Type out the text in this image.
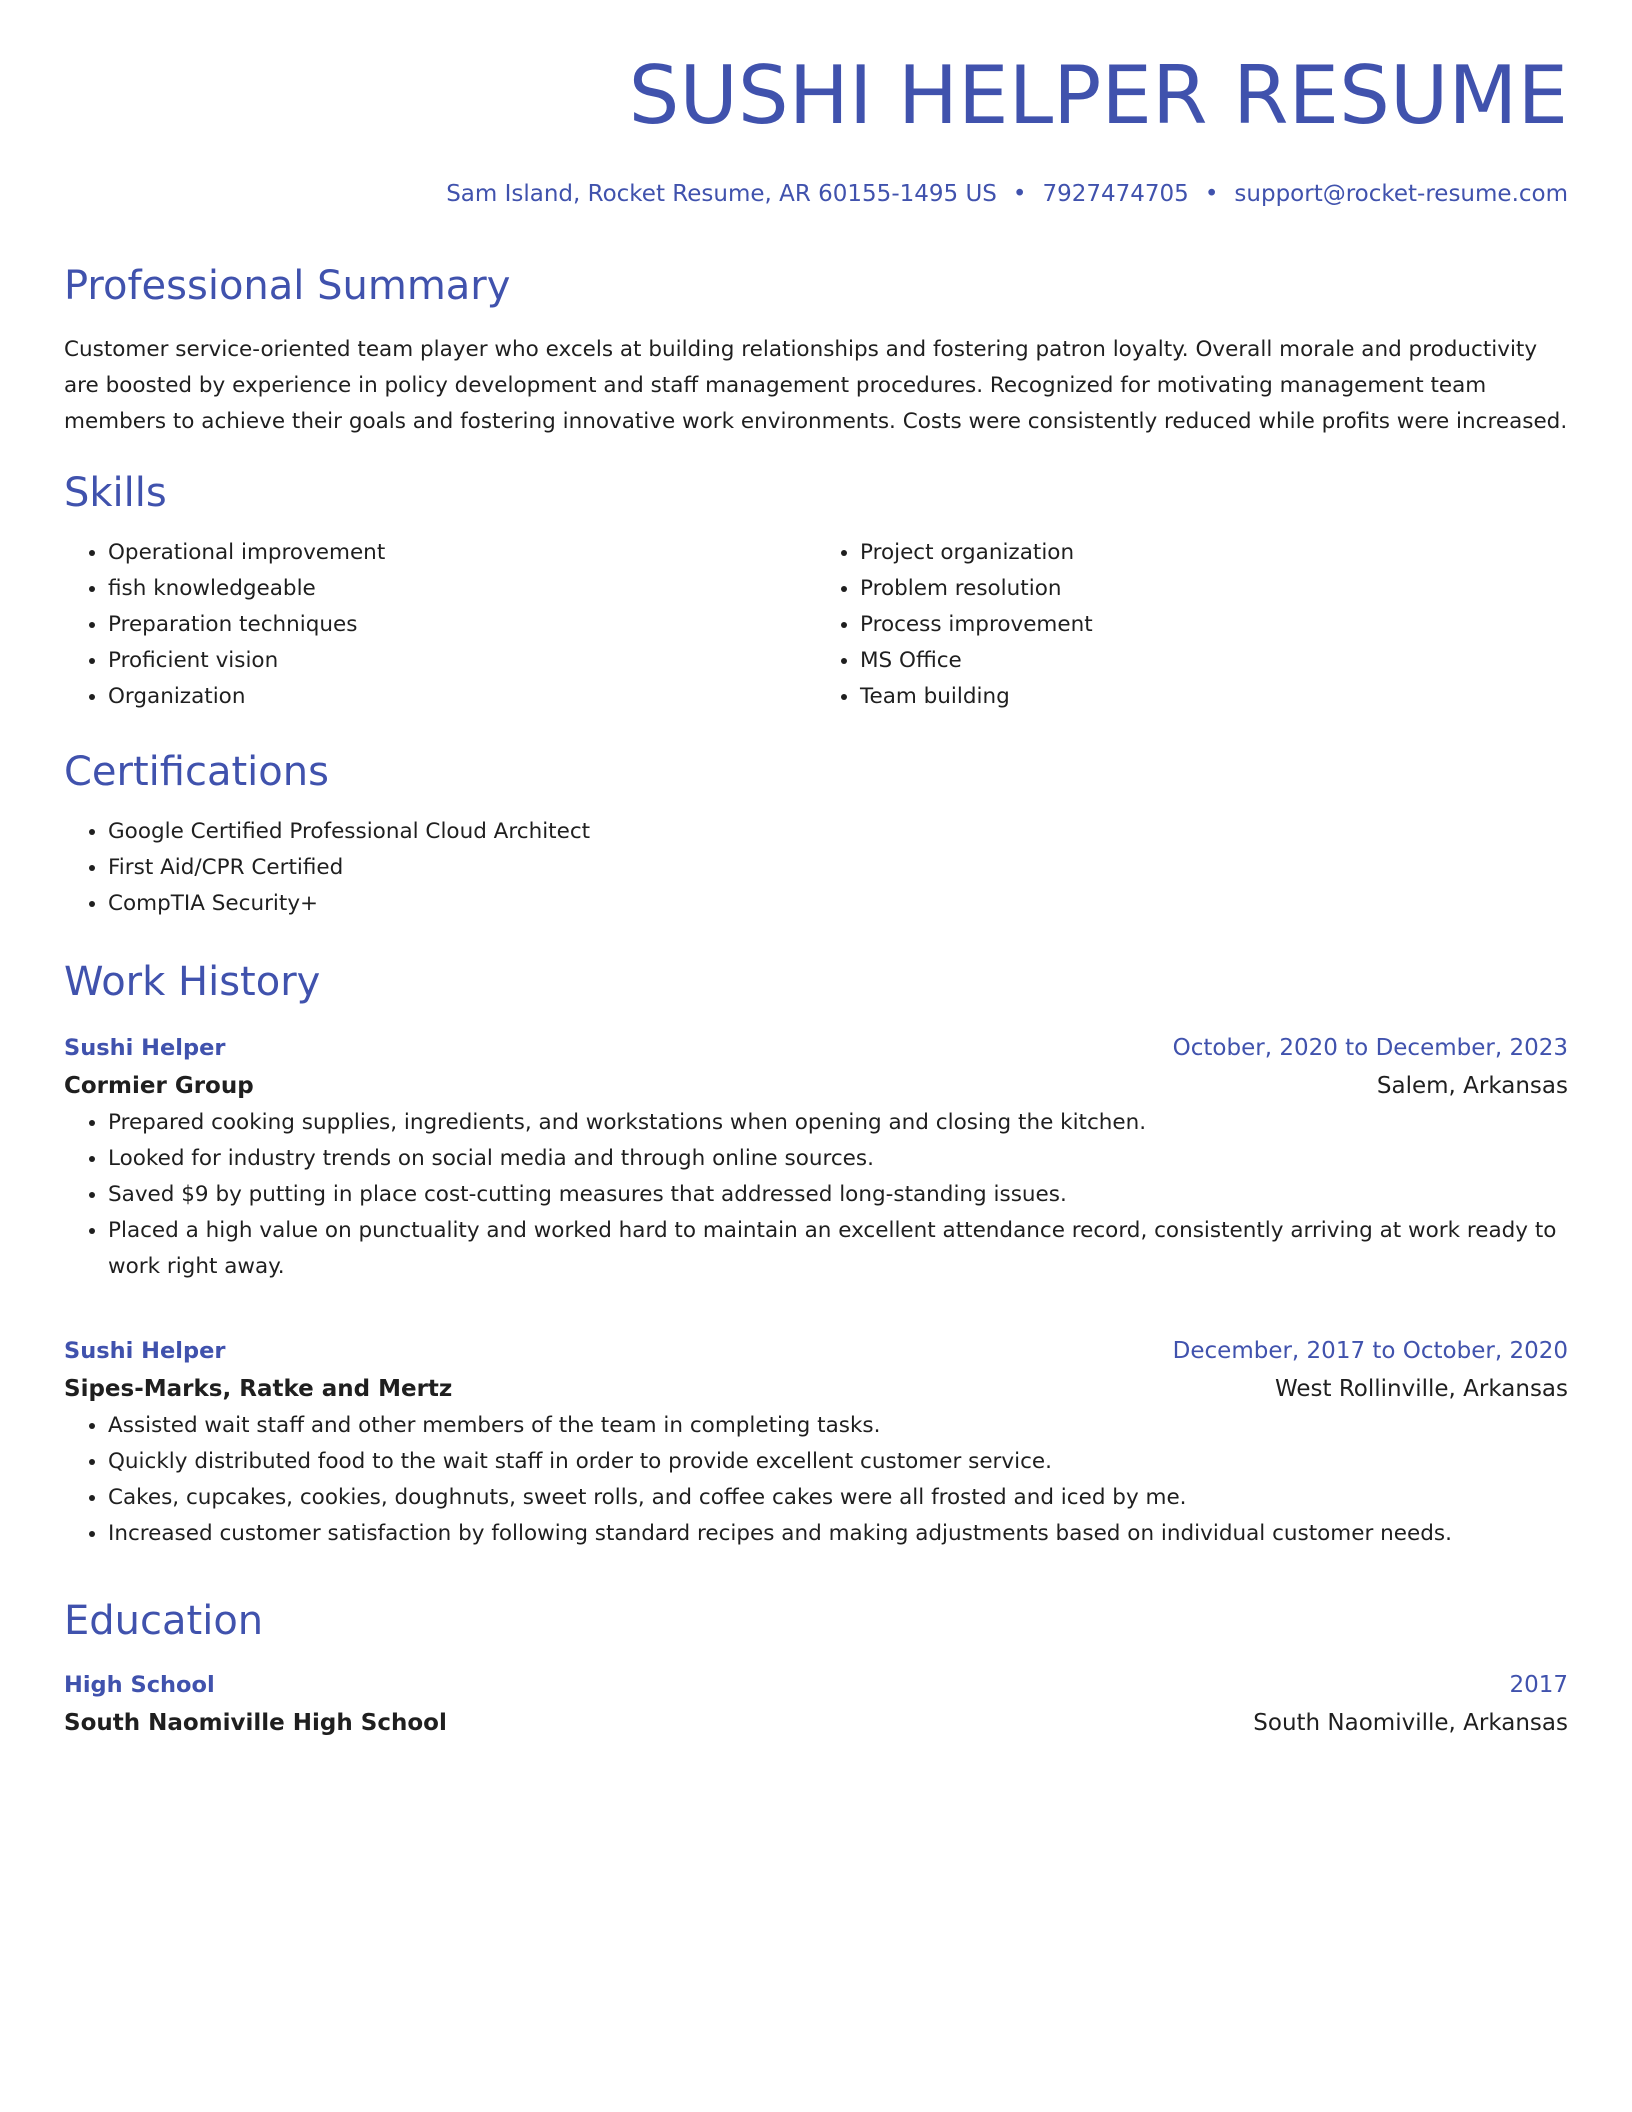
SUSHI HELPER RESUME
Sam Island, Rocket Resume, AR 60155-1495 US • 7927474705 • support@rocket-resume.com
Professional Summary

Customer service-oriented team player who excels at building relationships and fostering patron loyalty. Overall morale and productivity are boosted by experience in policy development and staff management procedures. Recognized for motivating management team members to achieve their goals and fostering innovative work environments. Costs were consistently reduced while profits were increased.

Skills
• Operational improvement
• fish knowledgeable
• Preparation techniques
• Proficient vision
• Organization
• Project organization
• Problem resolution
• Process improvement
• MS Office
• Team building
Certifications
• Google Certified Professional Cloud Architect
• First Aid/CPR Certified
• CompTIA Security+
Work History
Sushi Helper	October, 2020 to December, 2023
Cormier Group	Salem, Arkansas
• Prepared cooking supplies, ingredients, and workstations when opening and closing the kitchen.
• Looked for industry trends on social media and through online sources.
• Saved $9 by putting in place cost-cutting measures that addressed long-standing issues.
• Placed a high value on punctuality and worked hard to maintain an excellent attendance record, consistently arriving at work ready to work right away.
Sushi Helper	December, 2017 to October, 2020
Sipes-Marks, Ratke and Mertz	West Rollinville, Arkansas
• Assisted wait staff and other members of the team in completing tasks.
• Quickly distributed food to the wait staff in order to provide excellent customer service.
• Cakes, cupcakes, cookies, doughnuts, sweet rolls, and coffee cakes were all frosted and iced by me.
• Increased customer satisfaction by following standard recipes and making adjustments based on individual customer needs.
Education
High School	2017
South Naomiville High School	South Naomiville, Arkansas
